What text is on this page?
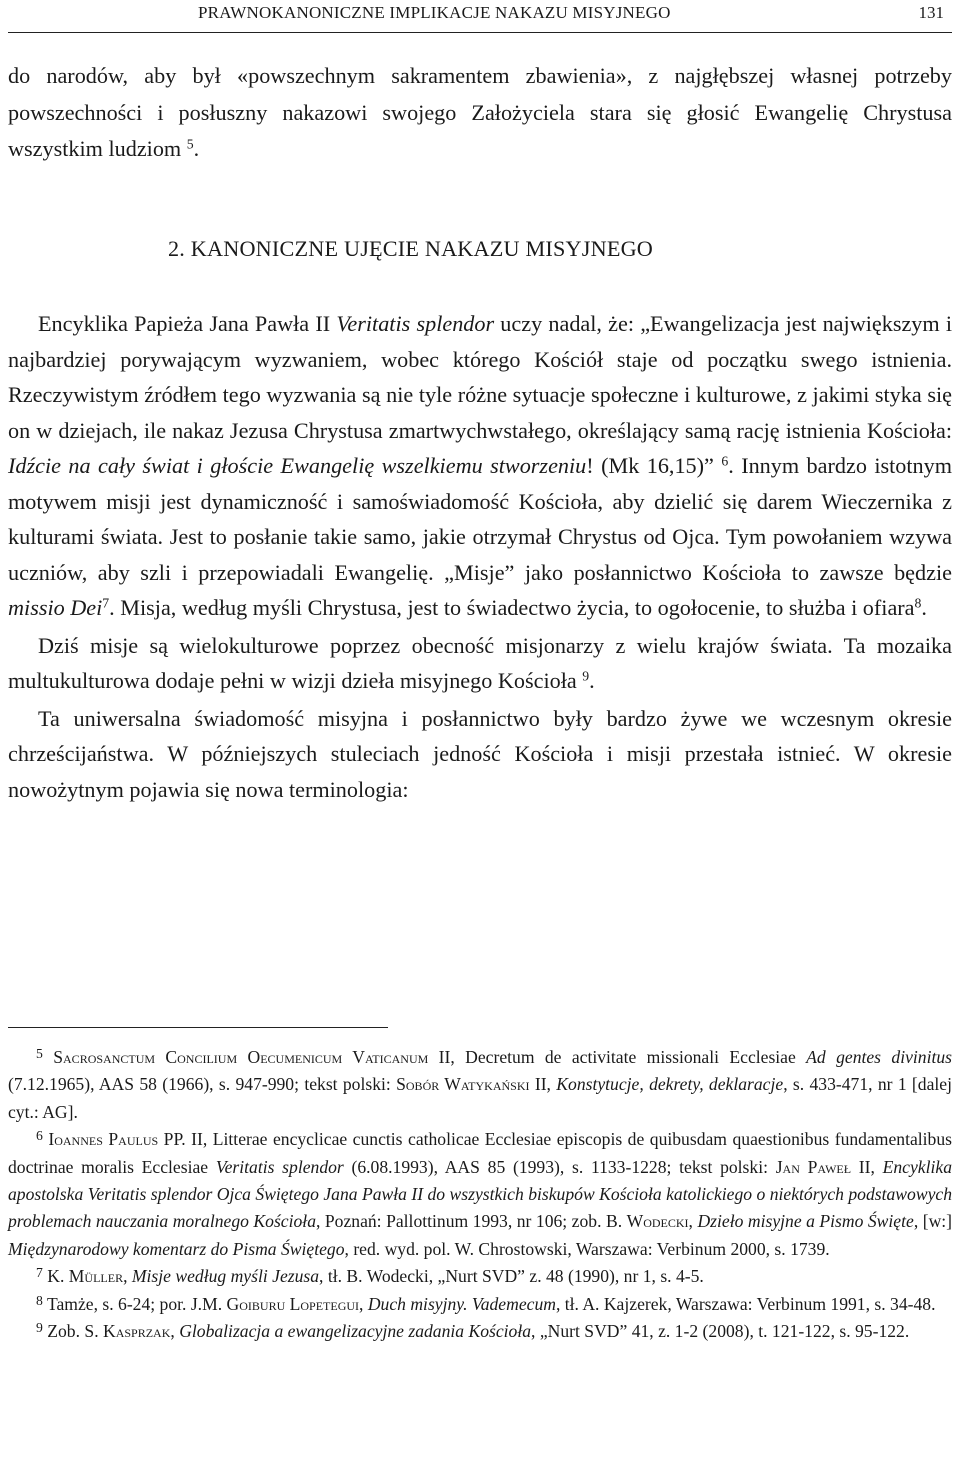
PRAWNOKANONICZNE IMPLIKACJE NAKAZU MISYJNEGO	131

do narodów, aby był «powszechnym sakramentem zbawienia», z najgłębszej własnej potrzeby powszechności i posłuszny nakazowi swojego Założyciela stara się głosić Ewangelię Chrystusa wszystkim ludziom $^5$.

2. KANONICZNE UJĘCIE NAKAZU MISYJNEGO

Encyklika Papieża Jana Pawła II Veritatis splendor uczy nadal, że: „Ewangelizacja jest największym i najbardziej porywającym wyzwaniem, wobec którego Kościół staje od początku swego istnienia. Rzeczywistym źródłem tego wyzwania są nie tyle różne sytuacje społeczne i kulturowe, z jakimi styka się on w dziejach, ile nakaz Jezusa Chrystusa zmartwychwstałego, określający samą rację istnienia Kościoła: Idźcie na cały świat i głoście Ewangelię wszelkiemu stworzeniu! (Mk 16,15)” $^6$. Innym bardzo istotnym motywem misji jest dynamiczność i samoświadomość Kościoła, aby dzielić się darem Wieczernika z kulturami świata. Jest to posłanie takie samo, jakie otrzymał Chrystus od Ojca. Tym powołaniem wzywa uczniów, aby szli i przepowiadali Ewangelię. „Misje” jako posłannictwo Kościoła to zawsze będzie missio Dei$^7$. Misja, według myśli Chrystusa, jest to świadectwo życia, to ogołocenie, to służba i ofiara$^8$.

Dziś misje są wielokulturowe poprzez obecność misjonarzy z wielu krajów świata. Ta mozaika multukulturowa dodaje pełni w wizji dzieła misyjnego Kościoła $^9$.

Ta uniwersalna świadomość misyjna i posłannictwo były bardzo żywe we wczesnym okresie chrześcijaństwa. W późniejszych stuleciach jedność Kościoła i misji przestała istnieć. W okresie nowożytnym pojawia się nowa terminologia:

$^5$ Sacrosanctum Concilium Oecumenicum Vaticanum II, Decretum de activitate missionali Ecclesiae Ad gentes divinitus (7.12.1965), AAS 58 (1966), s. 947-990; tekst polski: Sobór Watykański II, Konstytucje, dekrety, deklaracje, s. 433-471, nr 1 [dalej cyt.: AG].

$^6$ Ioannes Paulus PP. II, Litterae encyclicae cunctis catholicae Ecclesiae episcopis de quibusdam quaestionibus fundamentalibus doctrinae moralis Ecclesiae Veritatis splendor (6.08.1993), AAS 85 (1993), s. 1133-1228; tekst polski: Jan Paweł II, Encyklika apostolska Veritatis splendor Ojca Świętego Jana Pawła II do wszystkich biskupów Kościoła katolickiego o niektórych podstawowych problemach nauczania moralnego Kościoła, Poznań: Pallottinum 1993, nr 106; zob. B. Wodecki, Dzieło misyjne a Pismo Święte, [w:] Międzynarodowy komentarz do Pisma Świętego, red. wyd. pol. W. Chrostowski, Warszawa: Verbinum 2000, s. 1739.

$^7$ K. Müller, Misje według myśli Jezusa, tł. B. Wodecki, „Nurt SVD” z. 48 (1990), nr 1, s. 4-5.

$^8$ Tamże, s. 6-24; por. J.M. Goiburu Lopetegui, Duch misyjny. Vademecum, tł. A. Kajzerek, Warszawa: Verbinum 1991, s. 34-48.

$^9$ Zob. S. Kasprzak, Globalizacja a ewangelizacyjne zadania Kościoła, „Nurt SVD” 41, z. 1-2 (2008), t. 121-122, s. 95-122.
